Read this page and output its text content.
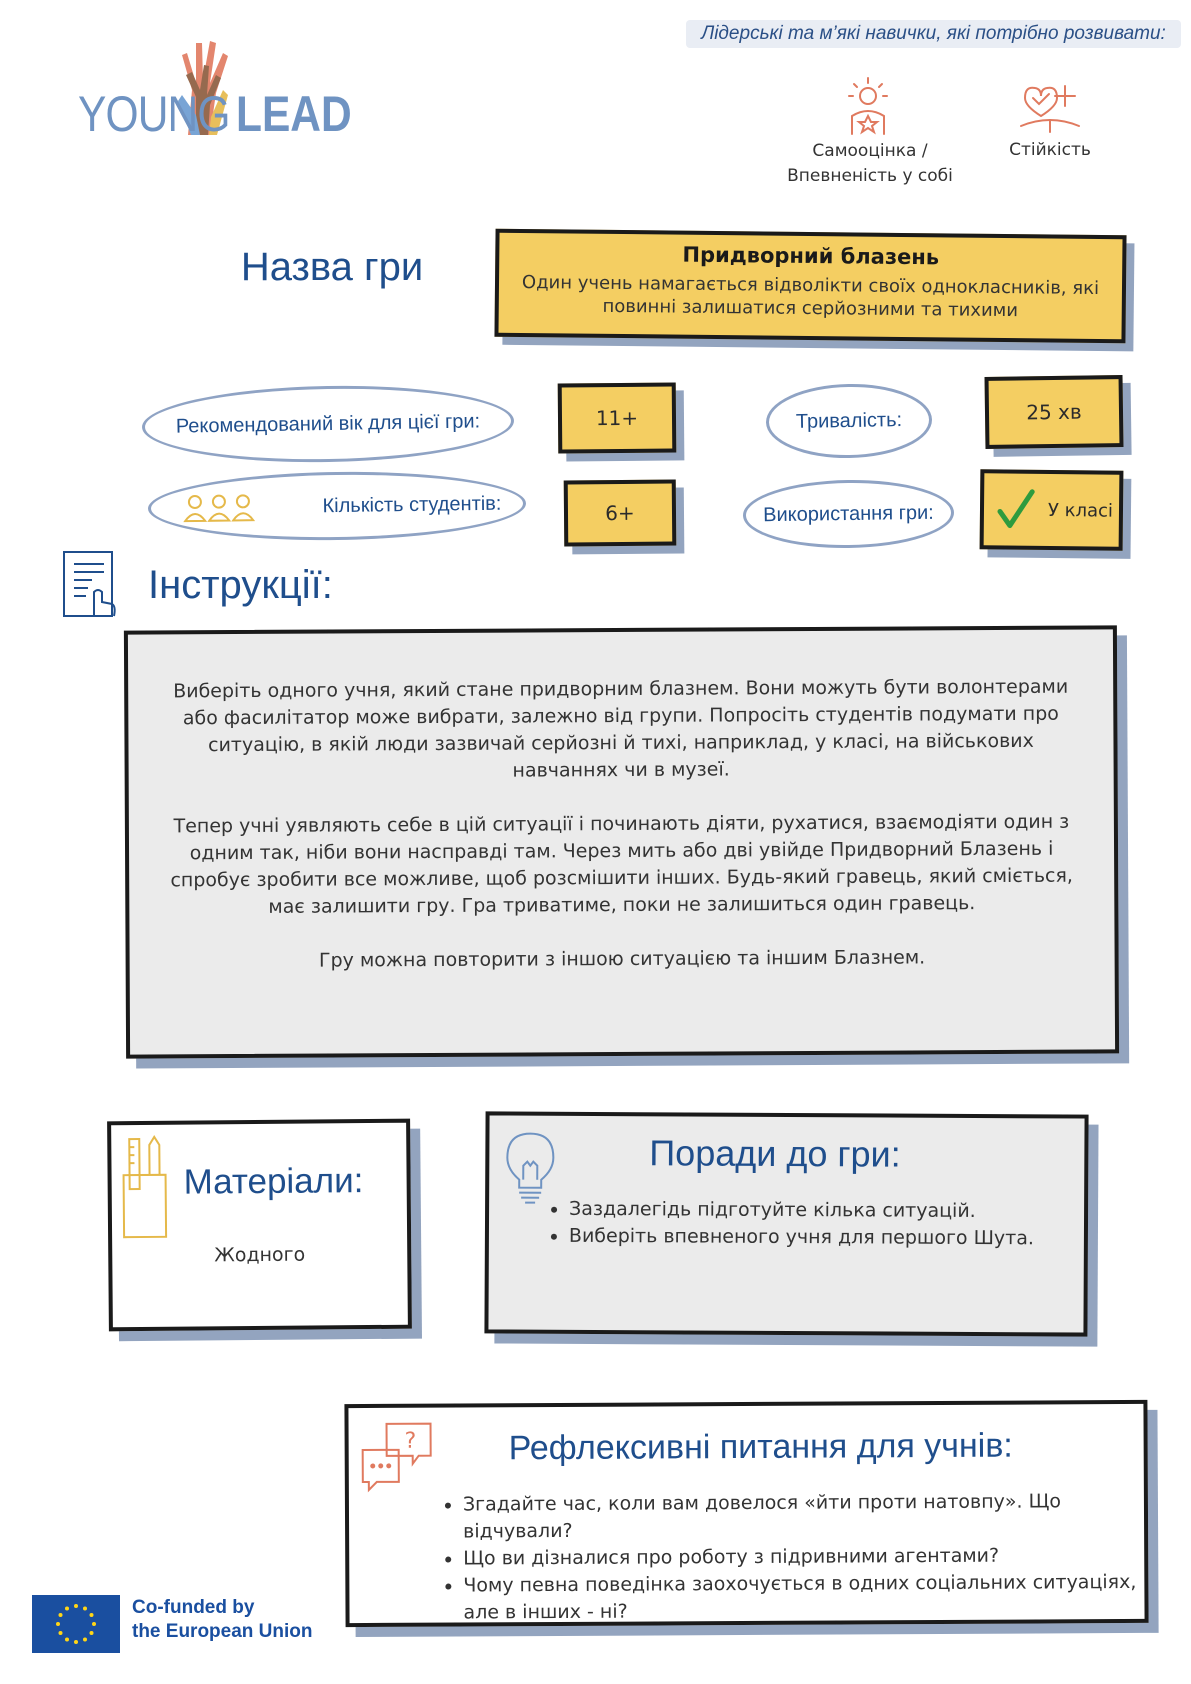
YOUNG LEAD
Лідерські та м’які навички, які потрібно розвивати:
Самооцінка / Впевненість у собі
Стійкість
Назва гри	Придворний блазень
Один учень намагається відволікти своїх однокласників, які повинні залишатися серйозними та тихими
Рекомендований вік для цієї гри:	11+	Тривалість:	25 хв
Кількість студентів:	6+	Використання гри:	У класі
Інструкції:

Виберіть одного учня, який стане придворним блазнем. Вони можуть бути волонтерами або фасилітатор може вибрати, залежно від групи. Попросіть студентів подумати про ситуацію, в якій люди зазвичай серйозні й тихі, наприклад, у класі, на військових навчаннях чи в музеї.

Тепер учні уявляють себе в цій ситуації і починають діяти, рухатися, взаємодіяти один з одним так, ніби вони насправді там. Через мить або дві увійде Придворний Блазень і спробує зробити все можливе, щоб розсмішити інших. Будь-який гравець, який сміється, має залишити гру. Гра триватиме, поки не залишиться один гравець.

Гру можна повторити з іншою ситуацією та іншим Блазнем.

Матеріали:
Жодного
Поради до гри:
• Заздалегідь підготуйте кілька ситуацій.
• Виберіть впевненого учня для першого Шута.
?	Рефлексивні питання для учнів:
• Згадайте час, коли вам довелося «йти проти натовпу». Що відчували?
• Що ви дізналися про роботу з підривними агентами?
• Чому певна поведінка заохочується в одних соціальних ситуаціях, але в інших - ні?
Co-funded by
the European Union
